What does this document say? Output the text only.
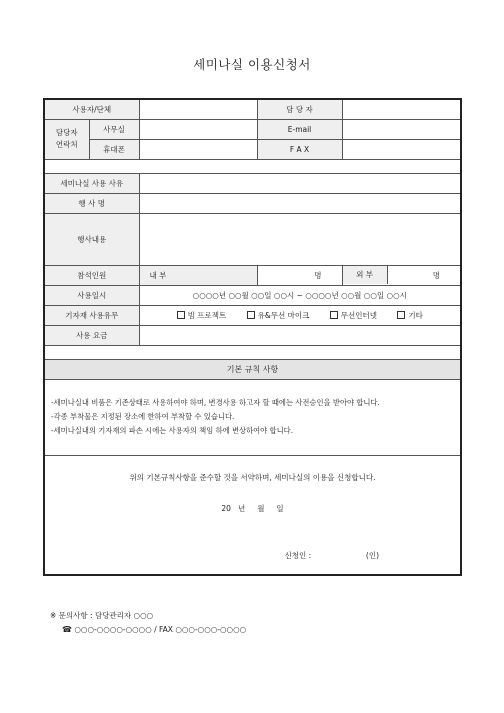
세미나실 이용신청서
사용자/단체			담 당 자	
담당자
연락처	사무실		E-mail	
	휴대폰		F A X	

세미나실 사용 사유				
행 사 명				
행사내용				
참석인원		내 부	명	외 부 명

사용일시		○○○○년 ○○월 ○○일 ○○시 ~ ○○○○년 ○○월 ○○일 ○○시		
기자재 사용유무		빔 프로젝트 유&무선 마이크 무선인터넷 기타		
사용 요금				

기본 규칙 사항				

-세미나실내 비품은 기존상태로 사용하여야 하며, 변경사용 하고자 할 때에는 사전승인을 받아야 합니다.
-각종 부착물은 지정된 장소에 한하여 부착할 수 있습니다.
-세미나실내의 기자재의 파손 시에는 사용자의 책임 하에 변상하여야 합니다.				

위의 기본규칙사항을 준수할 것을 서약하며, 세미나실의 이용을 신청합니다.
20   년     월     일
신청인 : (인)				
※ 문의사항 : 담당관리자 ○○○
☎ ○○○-○○○○-○○○○ / FAX ○○○-○○○-○○○○
